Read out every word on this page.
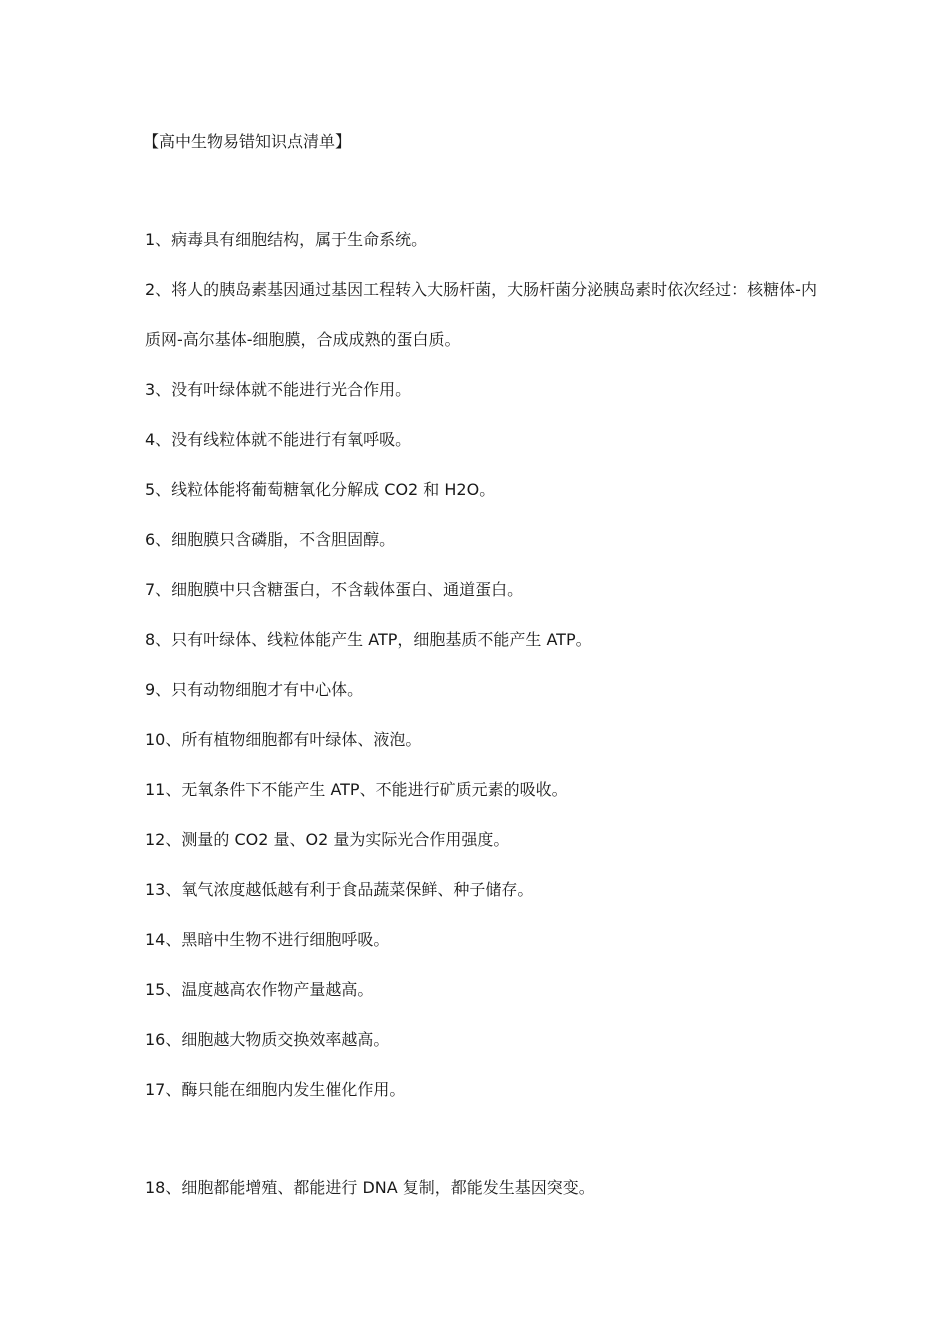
【高中生物易错知识点清单】
1、病毒具有细胞结构，属于生命系统。
2、将人的胰岛素基因通过基因工程转入大肠杆菌，大肠杆菌分泌胰岛素时依次经过：核糖体-内质网-高尔基体-细胞膜，合成成熟的蛋白质。
3、没有叶绿体就不能进行光合作用。
4、没有线粒体就不能进行有氧呼吸。
5、线粒体能将葡萄糖氧化分解成 CO2 和 H2O。
6、细胞膜只含磷脂，不含胆固醇。
7、细胞膜中只含糖蛋白，不含载体蛋白、通道蛋白。
8、只有叶绿体、线粒体能产生 ATP，细胞基质不能产生 ATP。
9、只有动物细胞才有中心体。
10、所有植物细胞都有叶绿体、液泡。
11、无氧条件下不能产生 ATP、不能进行矿质元素的吸收。
12、测量的 CO2 量、O2 量为实际光合作用强度。
13、氧气浓度越低越有利于食品蔬菜保鲜、种子储存。
14、黑暗中生物不进行细胞呼吸。
15、温度越高农作物产量越高。
16、细胞越大物质交换效率越高。
17、酶只能在细胞内发生催化作用。
18、细胞都能增殖、都能进行 DNA 复制，都能发生基因突变。
